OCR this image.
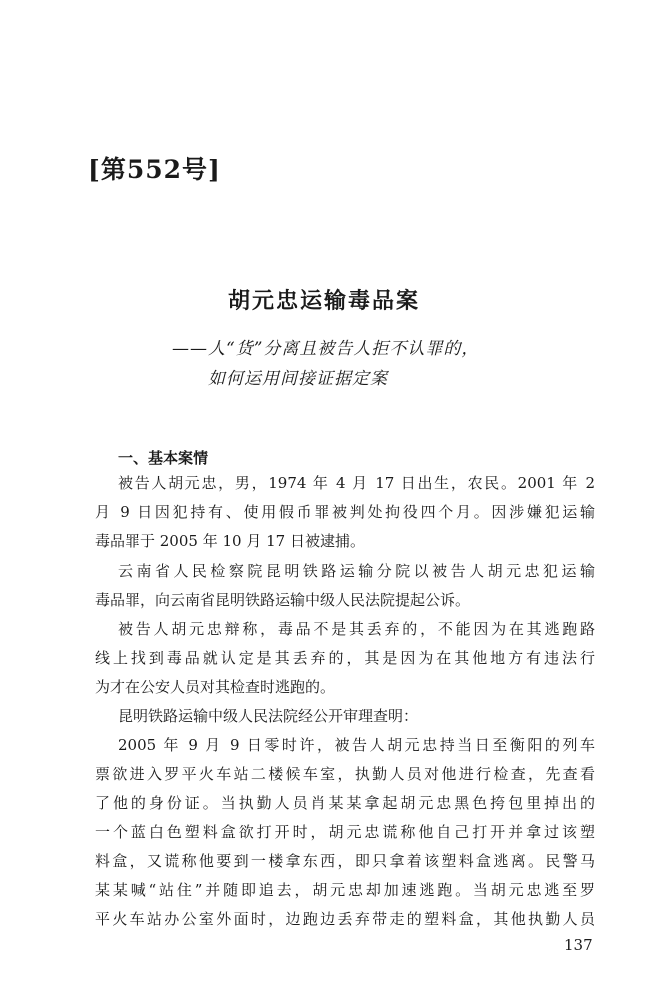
[第552号]
胡元忠运输毒品案
——人“货”分离且被告人拒不认罪的，
如何运用间接证据定案
一、基本案情
被告人胡元忠，男，1974 年 4 月 17 日出生，农民。2001 年 2
月 9 日因犯持有、使用假币罪被判处拘役四个月。因涉嫌犯运输
毒品罪于 2005 年 10 月 17 日被逮捕。
云南省人民检察院昆明铁路运输分院以被告人胡元忠犯运输
毒品罪，向云南省昆明铁路运输中级人民法院提起公诉。
被告人胡元忠辩称，毒品不是其丢弃的，不能因为在其逃跑路
线上找到毒品就认定是其丢弃的，其是因为在其他地方有违法行
为才在公安人员对其检查时逃跑的。
昆明铁路运输中级人民法院经公开审理查明：
2005 年 9 月 9 日零时许，被告人胡元忠持当日至衡阳的列车
票欲进入罗平火车站二楼候车室，执勤人员对他进行检查，先查看
了他的身份证。当执勤人员肖某某拿起胡元忠黑色挎包里掉出的
一个蓝白色塑料盒欲打开时，胡元忠谎称他自己打开并拿过该塑
料盒，又谎称他要到一楼拿东西，即只拿着该塑料盒逃离。民警马
某某喊“站住”并随即追去，胡元忠却加速逃跑。当胡元忠逃至罗
平火车站办公室外面时，边跑边丢弃带走的塑料盒，其他执勤人员
137
